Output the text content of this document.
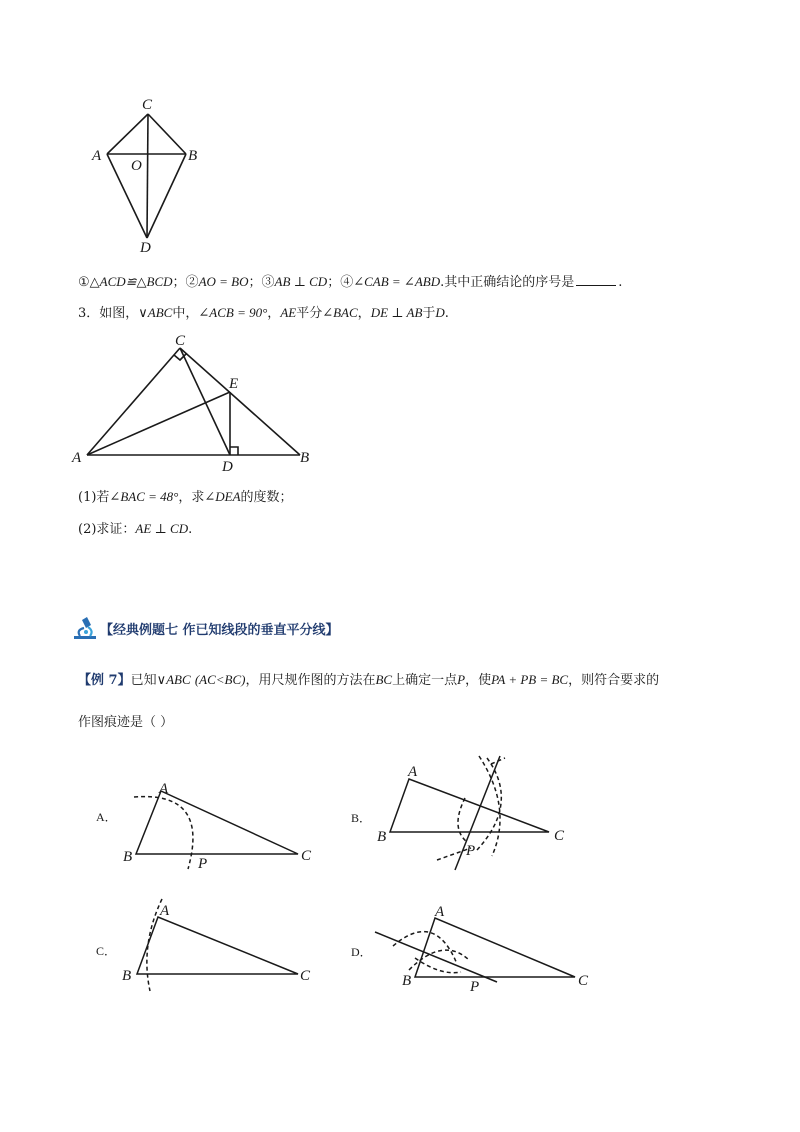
C
A
O
B
D
①△ACD≌△BCD；②AO = BO；③AB ⊥ CD；④∠CAB = ∠ABD.其中正确结论的序号是	.
3．如图，∨ABC中，∠ACB = 90°，AE平分∠BAC，DE ⊥ AB于D.
C
E
A
D
B
(1)若∠BAC = 48°，求∠DEA的度数；
(2)求证：AE ⊥ CD.
【经典例题七 作已知线段的垂直平分线】
【例 7】已知∨ABC (AC<BC)，用尺规作图的方法在BC上确定一点P，使PA + PB = BC，则符合要求的
作图痕迹是（ ）
A．
A
B	C
P
B．
A
B	C
P
C．
A
B	C
D．
A
B	C
P
